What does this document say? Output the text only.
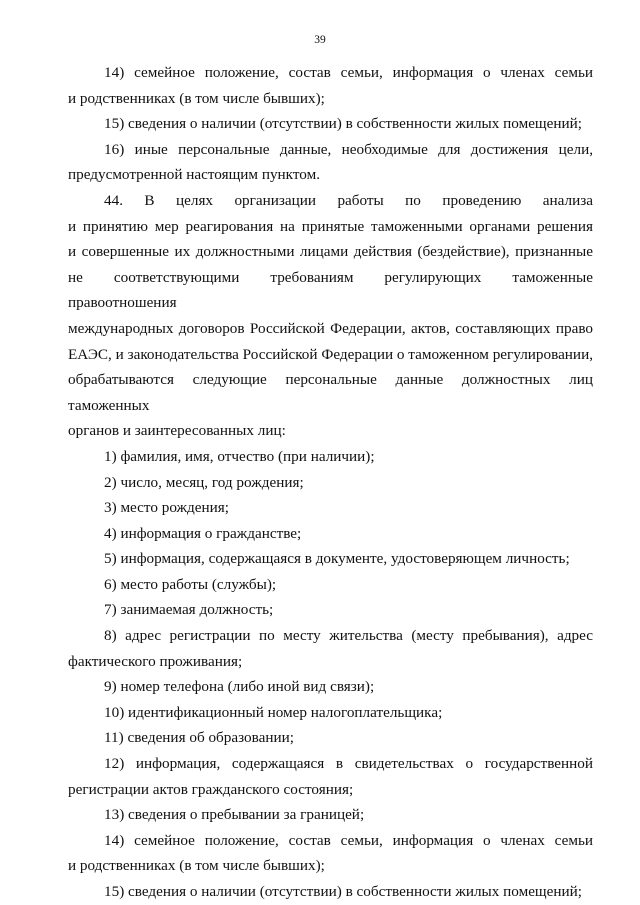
39
14) семейное положение, состав семьи, информация о членах семьи
и родственниках (в том числе бывших);
15) сведения о наличии (отсутствии) в собственности жилых помещений;
16) иные персональные данные, необходимые для достижения цели,
предусмотренной настоящим пунктом.
44. В целях организации работы по проведению анализа
и принятию мер реагирования на принятые таможенными органами решения
и совершенные их должностными лицами действия (бездействие), признанные
не соответствующими требованиям регулирующих таможенные правоотношения
международных договоров Российской Федерации, актов, составляющих право
ЕАЭС, и законодательства Российской Федерации о таможенном регулировании,
обрабатываются следующие персональные данные должностных лиц таможенных
органов и заинтересованных лиц:
1) фамилия, имя, отчество (при наличии);
2) число, месяц, год рождения;
3) место рождения;
4) информация о гражданстве;
5) информация, содержащаяся в документе, удостоверяющем личность;
6) место работы (службы);
7) занимаемая должность;
8) адрес регистрации по месту жительства (месту пребывания), адрес
фактического проживания;
9) номер телефона (либо иной вид связи);
10) идентификационный номер налогоплательщика;
11) сведения об образовании;
12) информация, содержащаяся в свидетельствах о государственной
регистрации актов гражданского состояния;
13) сведения о пребывании за границей;
14) семейное положение, состав семьи, информация о членах семьи
и родственниках (в том числе бывших);
15) сведения о наличии (отсутствии) в собственности жилых помещений;
